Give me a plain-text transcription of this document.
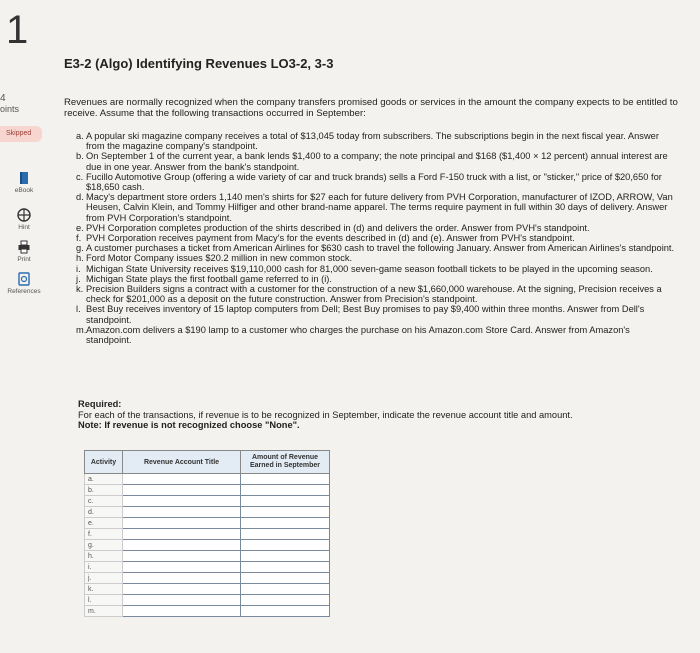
1
4
oints
Skipped
eBook
Hint
Print
References
E3-2 (Algo) Identifying Revenues LO3-2, 3-3
Revenues are normally recognized when the company transfers promised goods or services in the amount the company expects to be entitled to receive. Assume that the following transactions occurred in September:
a. A popular ski magazine company receives a total of $13,045 today from subscribers. The subscriptions begin in the next fiscal year. Answer from the magazine company's standpoint.
b. On September 1 of the current year, a bank lends $1,400 to a company; the note principal and $168 ($1,400 × 12 percent) annual interest are due in one year. Answer from the bank's standpoint.
c. Fucillo Automotive Group (offering a wide variety of car and truck brands) sells a Ford F-150 truck with a list, or "sticker," price of $20,650 for $18,650 cash.
d. Macy's department store orders 1,140 men's shirts for $27 each for future delivery from PVH Corporation, manufacturer of IZOD, ARROW, Van Heusen, Calvin Klein, and Tommy Hilfiger and other brand-name apparel. The terms require payment in full within 30 days of delivery. Answer from PVH Corporation's standpoint.
e. PVH Corporation completes production of the shirts described in (d) and delivers the order. Answer from PVH's standpoint.
f. PVH Corporation receives payment from Macy's for the events described in (d) and (e). Answer from PVH's standpoint.
g. A customer purchases a ticket from American Airlines for $630 cash to travel the following January. Answer from American Airlines's standpoint.
h. Ford Motor Company issues $20.2 million in new common stock.
i. Michigan State University receives $19,110,000 cash for 81,000 seven-game season football tickets to be played in the upcoming season.
j. Michigan State plays the first football game referred to in (i).
k. Precision Builders signs a contract with a customer for the construction of a new $1,660,000 warehouse. At the signing, Precision receives a check for $201,000 as a deposit on the future construction. Answer from Precision's standpoint.
l. Best Buy receives inventory of 15 laptop computers from Dell; Best Buy promises to pay $9,400 within three months. Answer from Dell's standpoint.
m. Amazon.com delivers a $190 lamp to a customer who charges the purchase on his Amazon.com Store Card. Answer from Amazon's standpoint.
Required:
For each of the transactions, if revenue is to be recognized in September, indicate the revenue account title and amount.
Note: If revenue is not recognized choose "None".
Activity	Revenue Account Title	Amount of Revenue Earned in September
a.		
b.		
c.		
d.		
e.		
f.		
g.		
h.		
i.		
j.		
k.		
l.		
m.		
